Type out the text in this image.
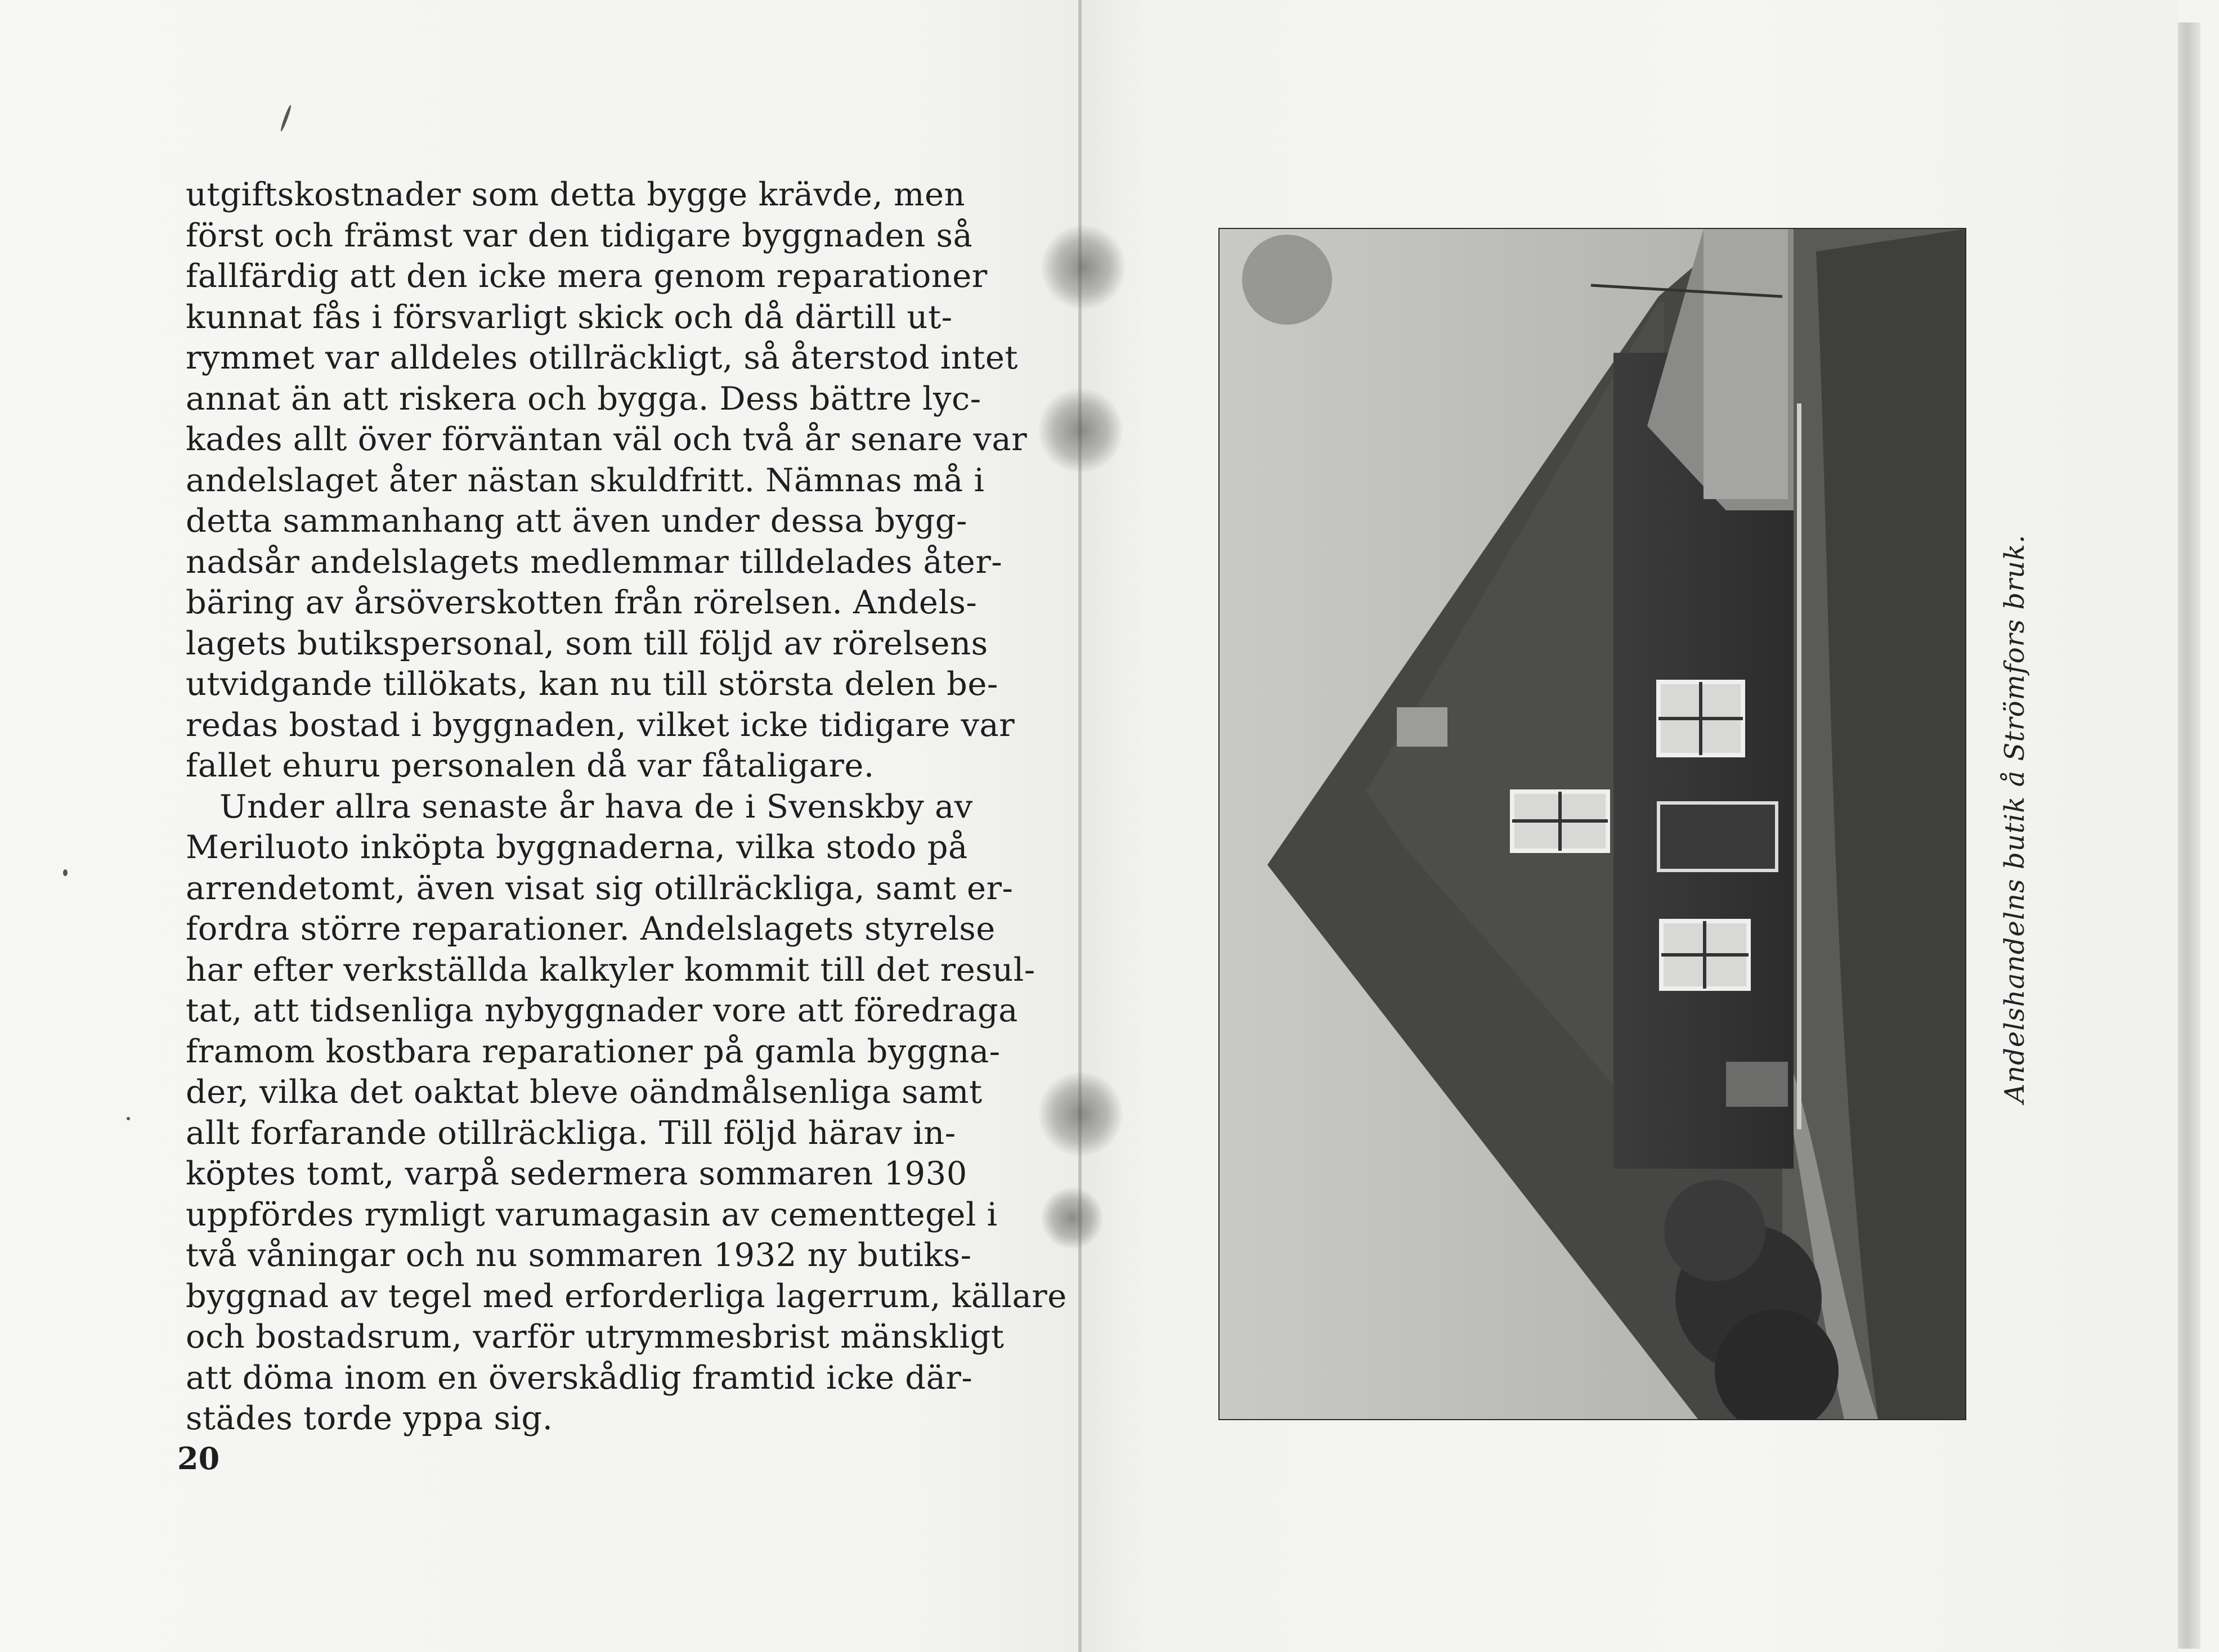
utgiftskostnader som detta bygge krävde, men
först och främst var den tidigare byggnaden så
fallfärdig att den icke mera genom reparationer
kunnat fås i försvarligt skick och då därtill ut-
rymmet var alldeles otillräckligt, så återstod intet
annat än att riskera och bygga. Dess bättre lyc-
kades allt över förväntan väl och två år senare var
andelslaget åter nästan skuldfritt. Nämnas må i
detta sammanhang att även under dessa bygg-
nadsår andelslagets medlemmar tilldelades åter-
bäring av årsöverskotten från rörelsen. Andels-
lagets butikspersonal, som till följd av rörelsens
utvidgande tillökats, kan nu till största delen be-
redas bostad i byggnaden, vilket icke tidigare var
fallet ehuru personalen då var fåtaligare.
Under allra senaste år hava de i Svenskby av
Meriluoto inköpta byggnaderna, vilka stodo på
arrendetomt, även visat sig otillräckliga, samt er-
fordra större reparationer. Andelslagets styrelse
har efter verkställda kalkyler kommit till det resul-
tat, att tidsenliga nybyggnader vore att föredraga
framom kostbara reparationer på gamla byggna-
der, vilka det oaktat bleve oändmålsenliga samt
allt forfarande otillräckliga. Till följd härav in-
köptes tomt, varpå sedermera sommaren 1930
uppfördes rymligt varumagasin av cementtegel i
två våningar och nu sommaren 1932 ny butiks-
byggnad av tegel med erforderliga lagerrum, källare
och bostadsrum, varför utrymmesbrist mänskligt
att döma inom en överskådlig framtid icke där-
städes torde yppa sig.
20
Andelshandelns butik å Strömfors bruk.
